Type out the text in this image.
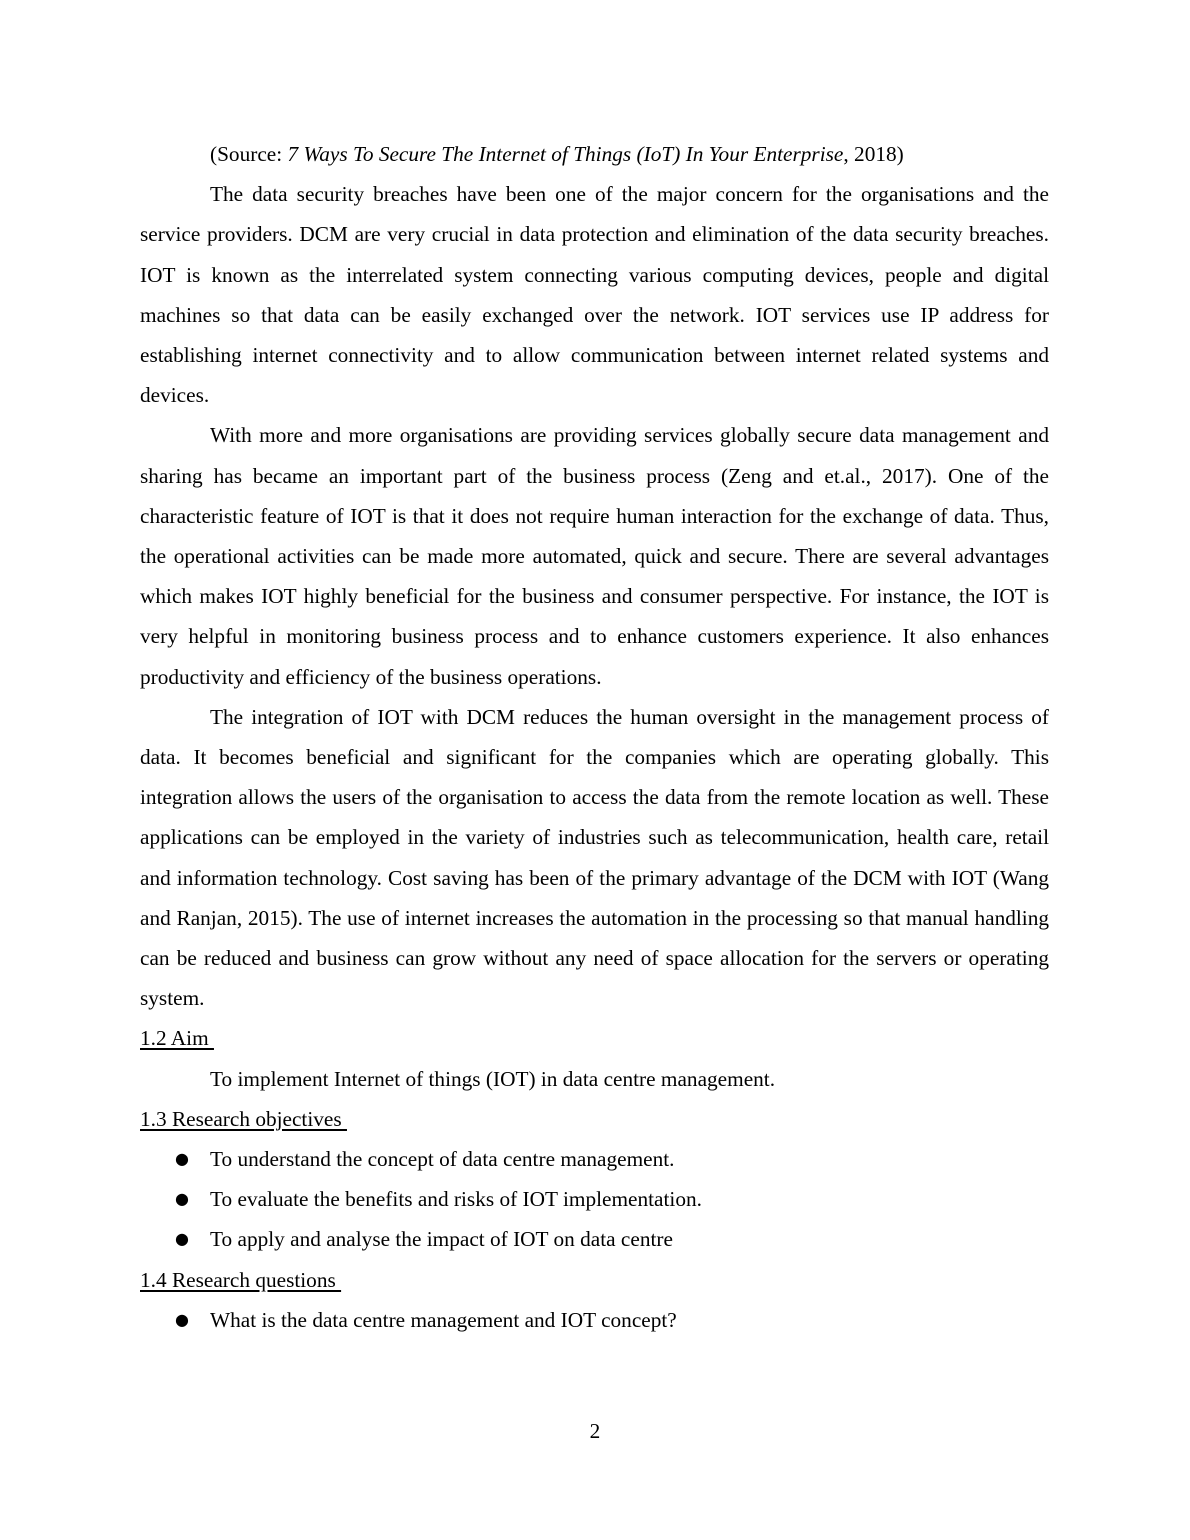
(Source: 7 Ways To Secure The Internet of Things (IoT) In Your Enterprise, 2018)

The data security breaches have been one of the major concern for the organisations and the service providers. DCM are very crucial in data protection and elimination of the data security breaches. IOT is known as the interrelated system connecting various computing devices, people and digital machines so that data can be easily exchanged over the network. IOT services use IP address for establishing internet connectivity and to allow communication between internet related systems and devices.

With more and more organisations are providing services globally secure data management and sharing has became an important part of the business process (Zeng and et.al., 2017). One of the characteristic feature of IOT is that it does not require human interaction for the exchange of data. Thus, the operational activities can be made more automated, quick and secure. There are several advantages which makes IOT highly beneficial for the business and consumer perspective. For instance, the IOT is very helpful in monitoring business process and to enhance customers experience. It also enhances productivity and efficiency of the business operations.

The integration of IOT with DCM reduces the human oversight in the management process of data. It becomes beneficial and significant for the companies which are operating globally. This integration allows the users of the organisation to access the data from the remote location as well. These applications can be employed in the variety of industries such as telecommunication, health care, retail and information technology. Cost saving has been of the primary advantage of the DCM with IOT (Wang and Ranjan, 2015). The use of internet increases the automation in the processing so that manual handling can be reduced and business can grow without any need of space allocation for the servers or operating system.

1.2 Aim

To implement Internet of things (IOT) in data centre management.

1.3 Research objectives

● To understand the concept of data centre management.
● To evaluate the benefits and risks of IOT implementation.
● To apply and analyse the impact of IOT on data centre

1.4 Research questions

● What is the data centre management and IOT concept?
2
